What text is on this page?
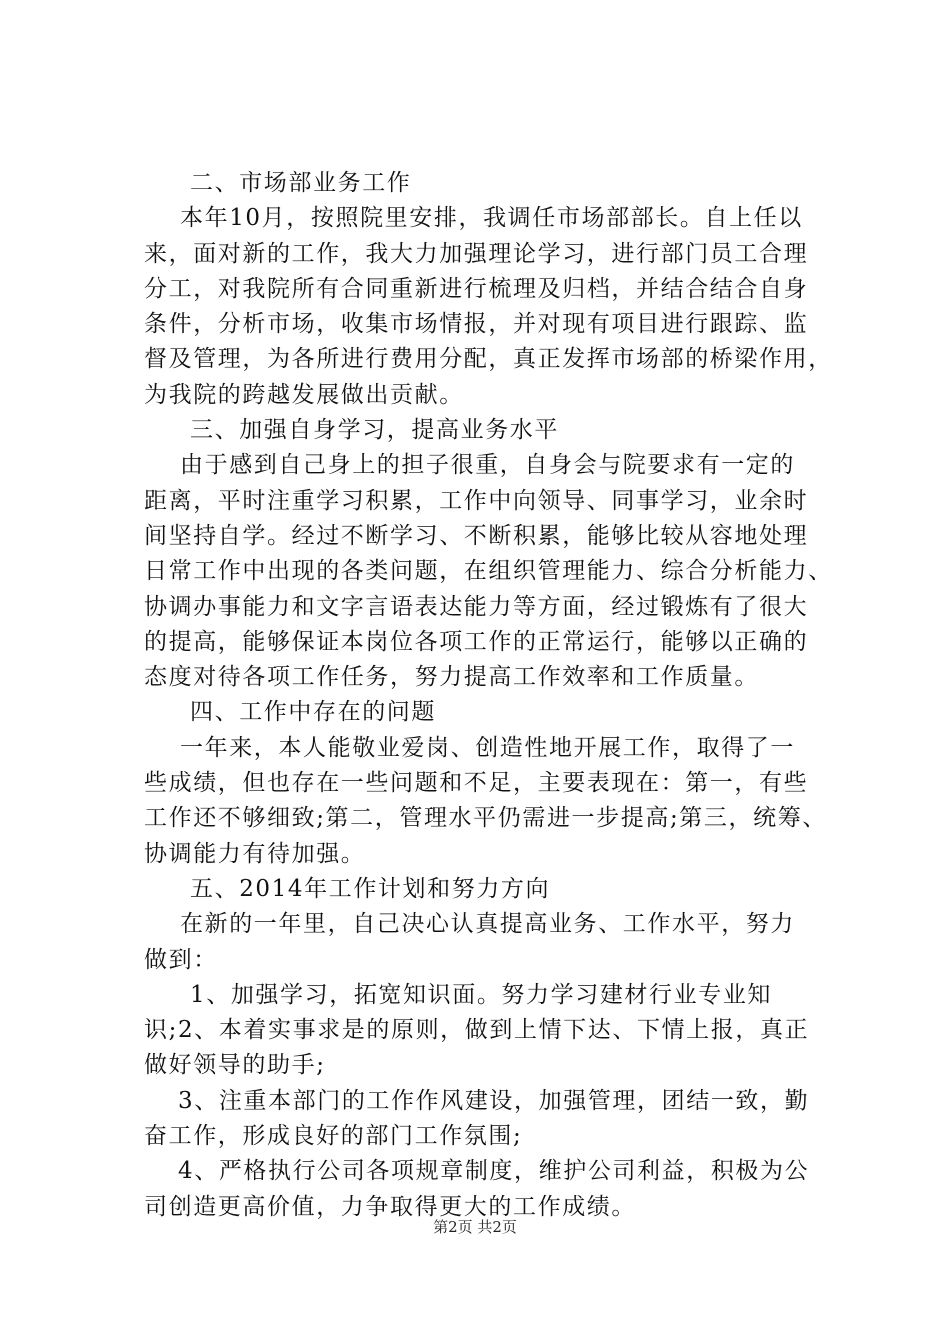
二、市场部业务工作
本年10月，按照院里安排，我调任市场部部长。自上任以
来，面对新的工作，我大力加强理论学习，进行部门员工合理
分工，对我院所有合同重新进行梳理及归档，并结合结合自身
条件，分析市场，收集市场情报，并对现有项目进行跟踪、监
督及管理，为各所进行费用分配，真正发挥市场部的桥梁作用，
为我院的跨越发展做出贡献。
三、加强自身学习，提高业务水平
由于感到自己身上的担子很重，自身会与院要求有一定的
距离，平时注重学习积累，工作中向领导、同事学习，业余时
间坚持自学。经过不断学习、不断积累，能够比较从容地处理
日常工作中出现的各类问题，在组织管理能力、综合分析能力、
协调办事能力和文字言语表达能力等方面，经过锻炼有了很大
的提高，能够保证本岗位各项工作的正常运行，能够以正确的
态度对待各项工作任务，努力提高工作效率和工作质量。
四、工作中存在的问题
一年来，本人能敬业爱岗、创造性地开展工作，取得了一
些成绩，但也存在一些问题和不足，主要表现在：第一，有些
工作还不够细致;第二，管理水平仍需进一步提高;第三，统筹、
协调能力有待加强。
五、2014年工作计划和努力方向
在新的一年里，自己决心认真提高业务、工作水平，努力
做到：
1、加强学习，拓宽知识面。努力学习建材行业专业知
识;2、本着实事求是的原则，做到上情下达、下情上报，真正
做好领导的助手;
3、注重本部门的工作作风建设，加强管理，团结一致，勤
奋工作，形成良好的部门工作氛围;
4、严格执行公司各项规章制度，维护公司利益，积极为公
司创造更高价值，力争取得更大的工作成绩。
第2页 共2页
